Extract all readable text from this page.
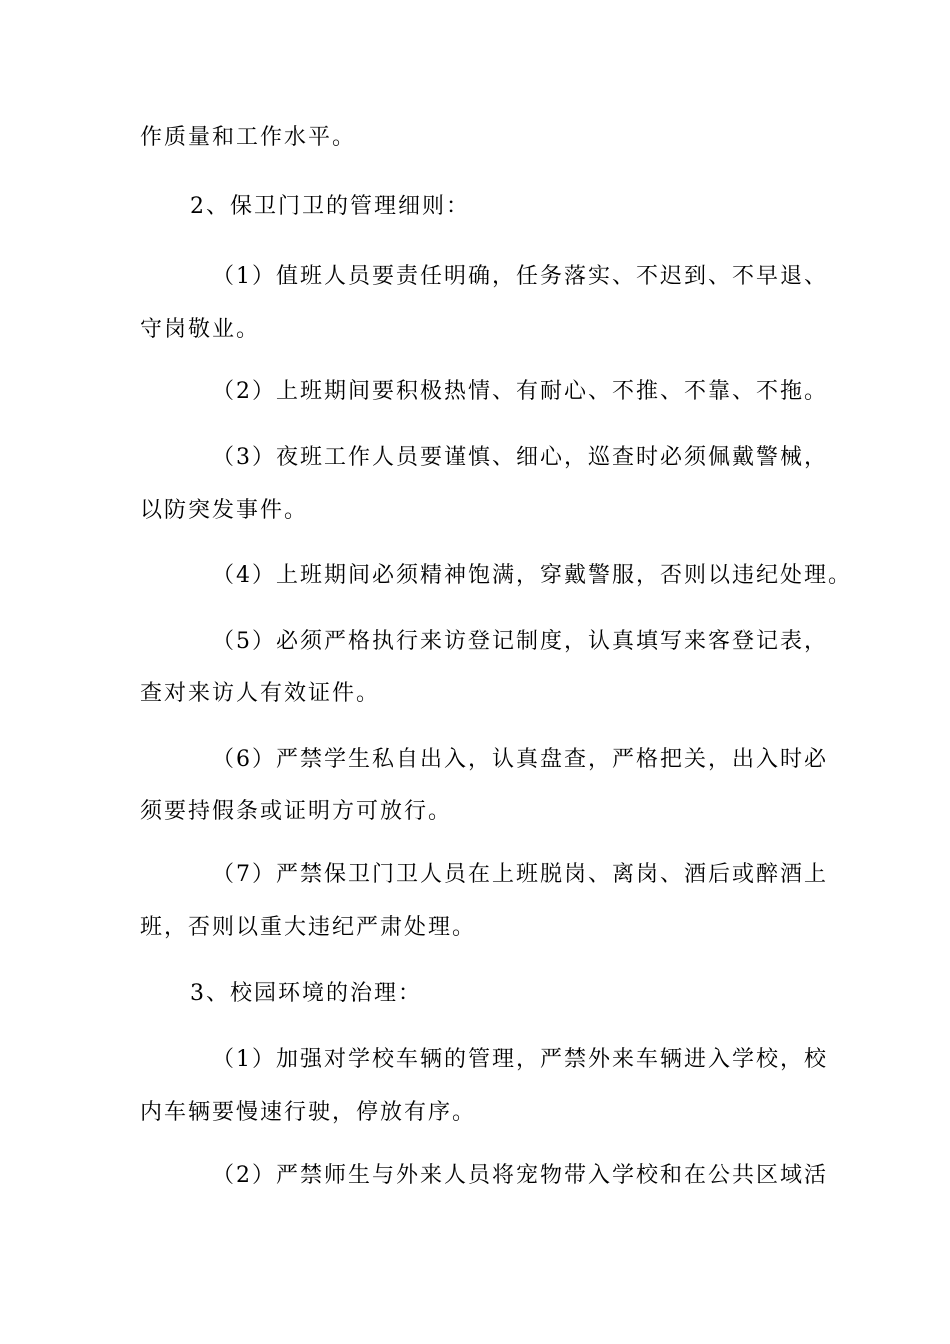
作质量和工作水平。
2、保卫门卫的管理细则：
（1）值班人员要责任明确，任务落实、不迟到、不早退、
守岗敬业。
（2）上班期间要积极热情、有耐心、不推、不靠、不拖。
（3）夜班工作人员要谨慎、细心，巡查时必须佩戴警械，
以防突发事件。
（4）上班期间必须精神饱满，穿戴警服，否则以违纪处理。
（5）必须严格执行来访登记制度，认真填写来客登记表，
查对来访人有效证件。
（6）严禁学生私自出入，认真盘查，严格把关，出入时必
须要持假条或证明方可放行。
（7）严禁保卫门卫人员在上班脱岗、离岗、酒后或醉酒上
班，否则以重大违纪严肃处理。
3、校园环境的治理：
（1）加强对学校车辆的管理，严禁外来车辆进入学校，校
内车辆要慢速行驶，停放有序。
（2）严禁师生与外来人员将宠物带入学校和在公共区域活
